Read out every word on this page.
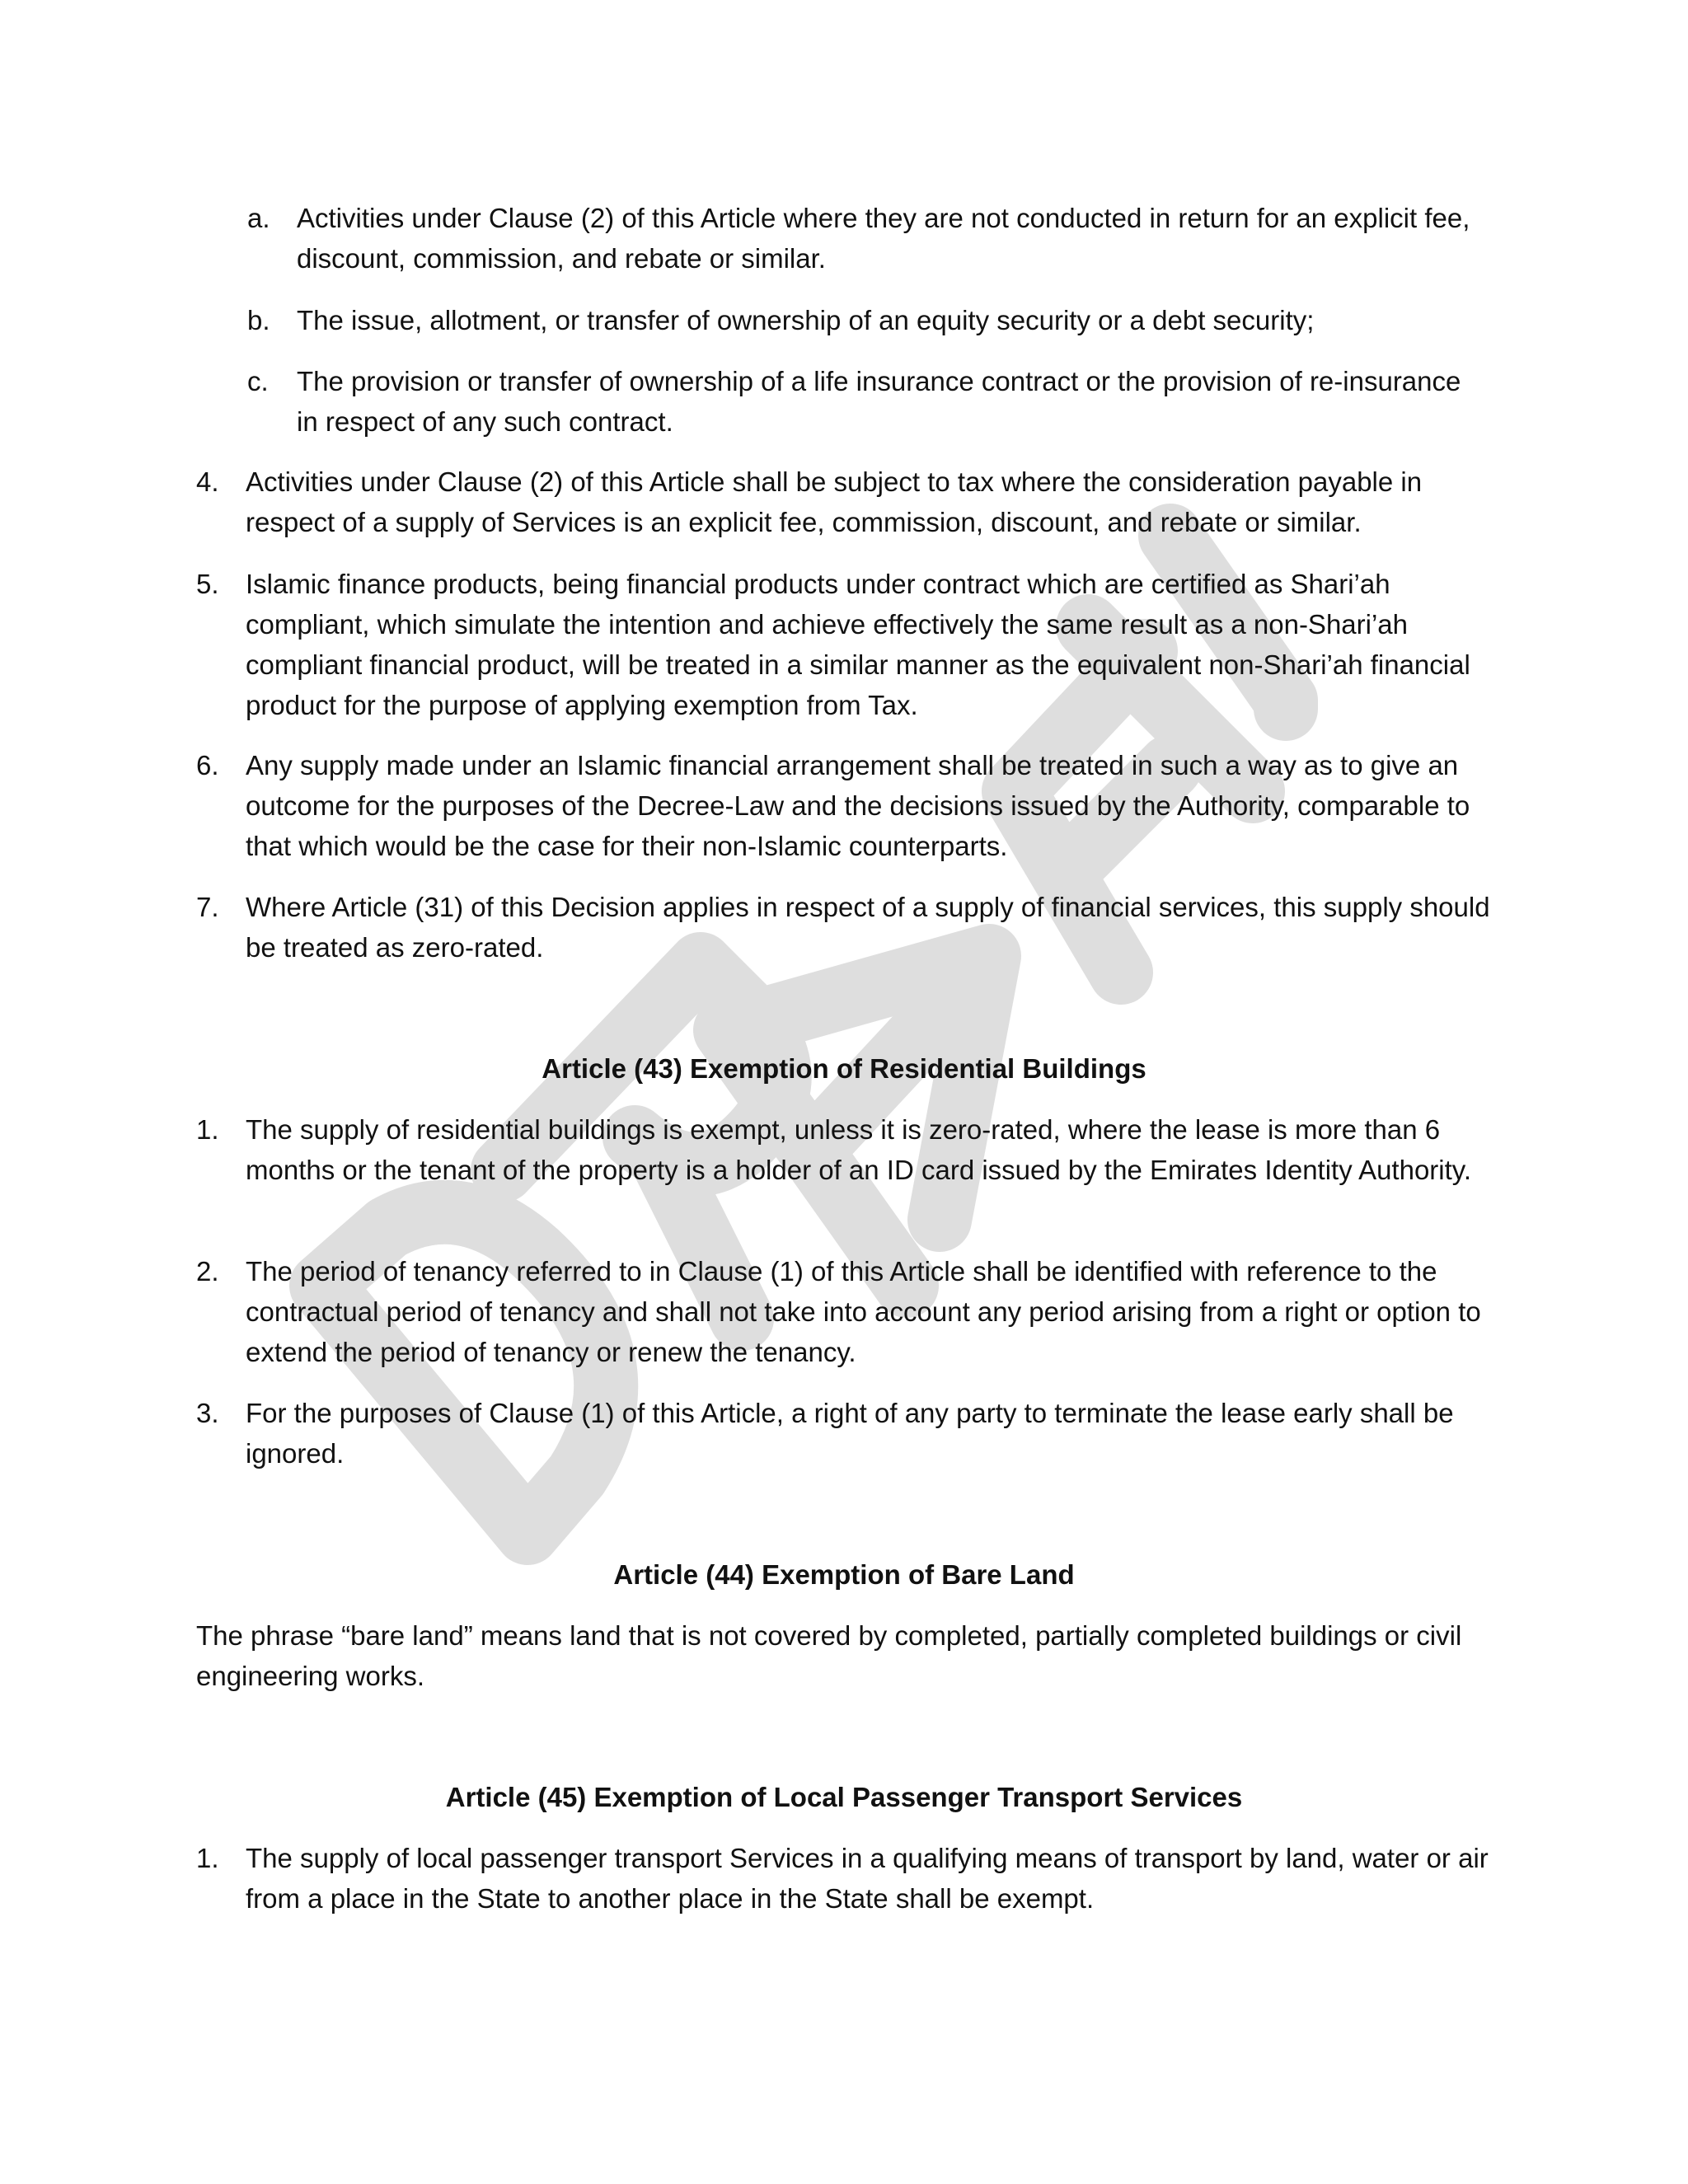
a. Activities under Clause (2) of this Article where they are not conducted in return for an explicit fee, discount, commission, and rebate or similar.
b. The issue, allotment, or transfer of ownership of an equity security or a debt security;
c.	The provision or transfer of ownership of a life insurance contract or the provision of re-insurance in respect of any such contract.
4. Activities under Clause (2) of this Article shall be subject to tax where the consideration payable in respect of a supply of Services is an explicit fee, commission, discount, and rebate or similar.
5. Islamic finance products, being financial products under contract which are certified as Shari’ah compliant, which simulate the intention and achieve effectively the same result as a non-Shari’ah compliant financial product, will be treated in a similar manner as the equivalent non-Shari’ah financial product for the purpose of applying exemption from Tax.
6. Any supply made under an Islamic financial arrangement shall be treated in such a way as to give an outcome for the purposes of the Decree-Law and the decisions issued by the Authority, comparable to that which would be the case for their non-Islamic counterparts.
7. Where Article (31) of this Decision applies in respect of a supply of financial services, this supply should be treated as zero-rated.
Article (43) Exemption of Residential Buildings
1. The supply of residential buildings is exempt, unless it is zero-rated, where the lease is more than 6 months or the tenant of the property is a holder of an ID card issued by the Emirates Identity Authority.
2. The period of tenancy referred to in Clause (1) of this Article shall be identified with reference to the contractual period of tenancy and shall not take into account any period arising from a right or option to extend the period of tenancy or renew the tenancy.
3. For the purposes of Clause (1) of this Article, a right of any party to terminate the lease early shall be ignored.
Article (44) Exemption of Bare Land

The phrase “bare land” means land that is not covered by completed, partially completed buildings or civil engineering works.

Article (45) Exemption of Local Passenger Transport Services
1. The supply of local passenger transport Services in a qualifying means of transport by land, water or air from a place in the State to another place in the State shall be exempt.
